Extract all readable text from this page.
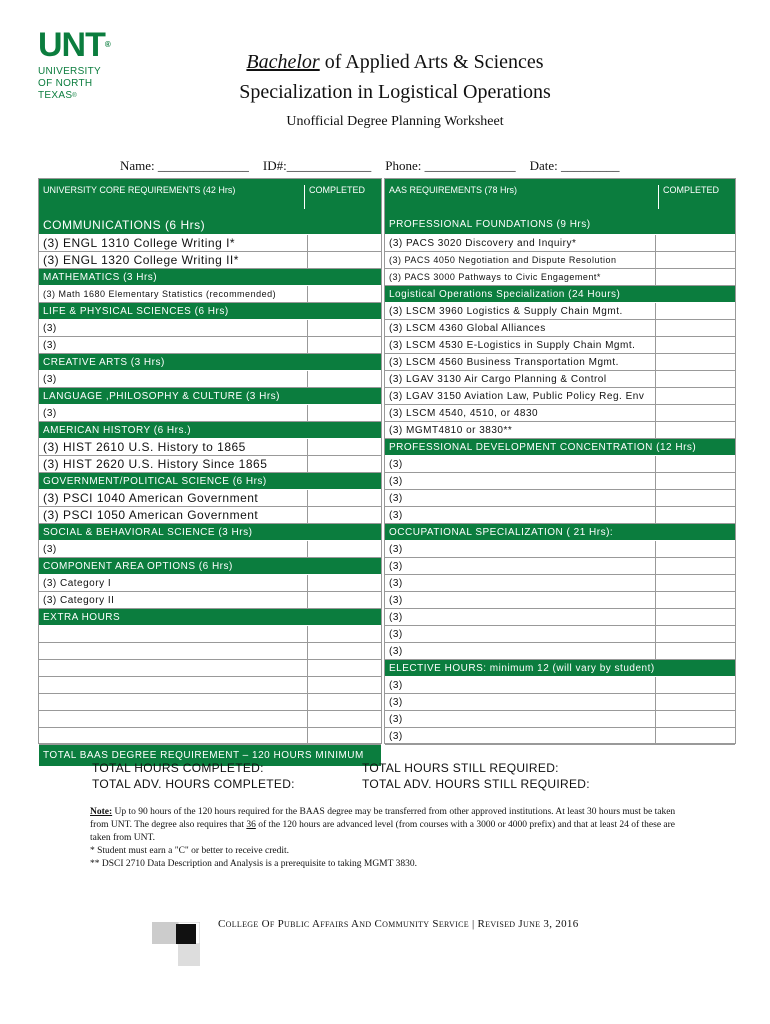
UNT®
UNIVERSITY
OF NORTH TEXAS®
Bachelor of Applied Arts & Sciences
Specialization in Logistical Operations
Unofficial Degree Planning Worksheet
Name: ______________ ID#:_____________ Phone: ______________ Date: _________
UNIVERSITY CORE REQUIREMENTS (42 Hrs)	COMPLETED
COMMUNICATIONS (6 Hrs)
(3) ENGL 1310 College Writing I*
(3) ENGL 1320 College Writing II*
MATHEMATICS (3 Hrs)
(3) Math 1680 Elementary Statistics (recommended)
LIFE & PHYSICAL SCIENCES (6 Hrs)
(3)
(3)
CREATIVE ARTS (3 Hrs)
(3)
LANGUAGE ,PHILOSOPHY & CULTURE (3 Hrs)
(3)
AMERICAN HISTORY (6 Hrs.)
(3) HIST 2610 U.S. History to 1865
(3) HIST 2620 U.S. History Since 1865
GOVERNMENT/POLITICAL SCIENCE (6 Hrs)
(3) PSCI 1040 American Government
(3) PSCI 1050 American Government
SOCIAL & BEHAVIORAL SCIENCE (3 Hrs)
(3)
COMPONENT AREA OPTIONS (6 Hrs)
(3) Category I
(3) Category II
EXTRA HOURS
TOTAL BAAS DEGREE REQUIREMENT – 120 HOURS MINIMUM
AAS REQUIREMENTS (78 Hrs)	COMPLETED
PROFESSIONAL FOUNDATIONS (9 Hrs)
(3) PACS 3020 Discovery and Inquiry*
(3) PACS 4050 Negotiation and Dispute Resolution
(3) PACS 3000 Pathways to Civic Engagement*
Logistical Operations Specialization (24 Hours)
(3) LSCM 3960 Logistics & Supply Chain Mgmt.
(3) LSCM 4360 Global Alliances
(3) LSCM 4530 E-Logistics in Supply Chain Mgmt.
(3) LSCM 4560 Business Transportation Mgmt.
(3) LGAV 3130 Air Cargo Planning & Control
(3) LGAV 3150 Aviation Law, Public Policy Reg. Env
(3) LSCM 4540, 4510, or 4830
(3) MGMT4810 or 3830**
PROFESSIONAL DEVELOPMENT CONCENTRATION (12 Hrs)
(3)
(3)
(3)
(3)
OCCUPATIONAL SPECIALIZATION ( 21 Hrs):
(3)
(3)
(3)
(3)
(3)
(3)
(3)
ELECTIVE HOURS: minimum 12 (will vary by student)
(3)
(3)
(3)
(3)
TOTAL HOURS COMPLETED:
TOTAL ADV. HOURS COMPLETED:
TOTAL HOURS STILL REQUIRED:
TOTAL ADV. HOURS STILL REQUIRED:
Note: Up to 90 hours of the 120 hours required for the BAAS degree may be transferred from other approved institutions. At least 30 hours must be taken from UNT. The degree also requires that 36 of the 120 hours are advanced level (from courses with a 3000 or 4000 prefix) and that at least 24 of these are taken from UNT.
* Student must earn a "C" or better to receive credit.
** DSCI 2710 Data Description and Analysis is a prerequisite to taking MGMT 3830.
College Of Public Affairs And Community Service | Revised June 3, 2016
